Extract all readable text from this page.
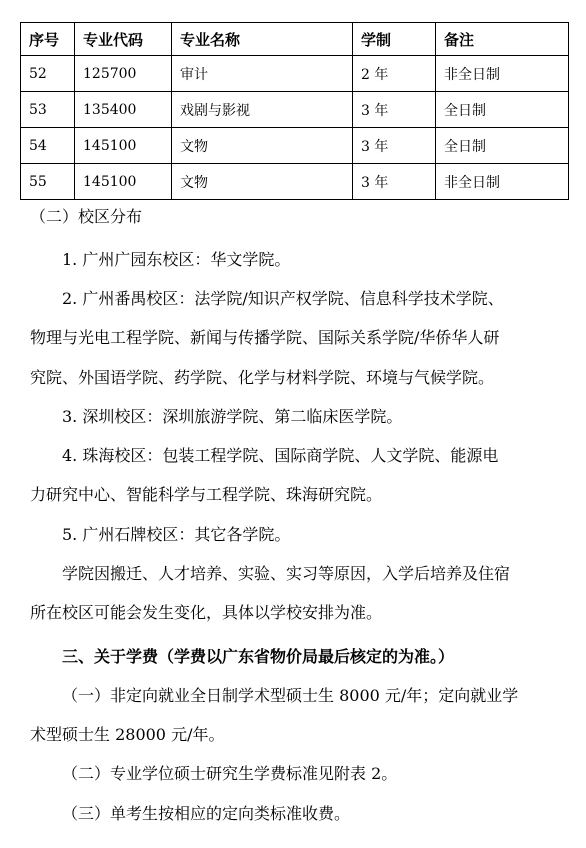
序号	专业代码	专业名称	学制	备注
52	125700	审计	2 年	非全日制
53	135400	戏剧与影视	3 年	全日制
54	145100	文物	3 年	全日制
55	145100	文物	3 年	非全日制
（二）校区分布
1. 广州广园东校区：华文学院。
2. 广州番禺校区：法学院/知识产权学院、信息科学技术学院、
物理与光电工程学院、新闻与传播学院、国际关系学院/华侨华人研
究院、外国语学院、药学院、化学与材料学院、环境与气候学院。
3. 深圳校区：深圳旅游学院、第二临床医学院。
4. 珠海校区：包装工程学院、国际商学院、人文学院、能源电
力研究中心、智能科学与工程学院、珠海研究院。
5. 广州石牌校区：其它各学院。
学院因搬迁、人才培养、实验、实习等原因，入学后培养及住宿
所在校区可能会发生变化，具体以学校安排为准。
三、关于学费（学费以广东省物价局最后核定的为准。）
（一）非定向就业全日制学术型硕士生 8000 元/年；定向就业学
术型硕士生 28000 元/年。
（二）专业学位硕士研究生学费标准见附表 2。
（三）单考生按相应的定向类标准收费。
